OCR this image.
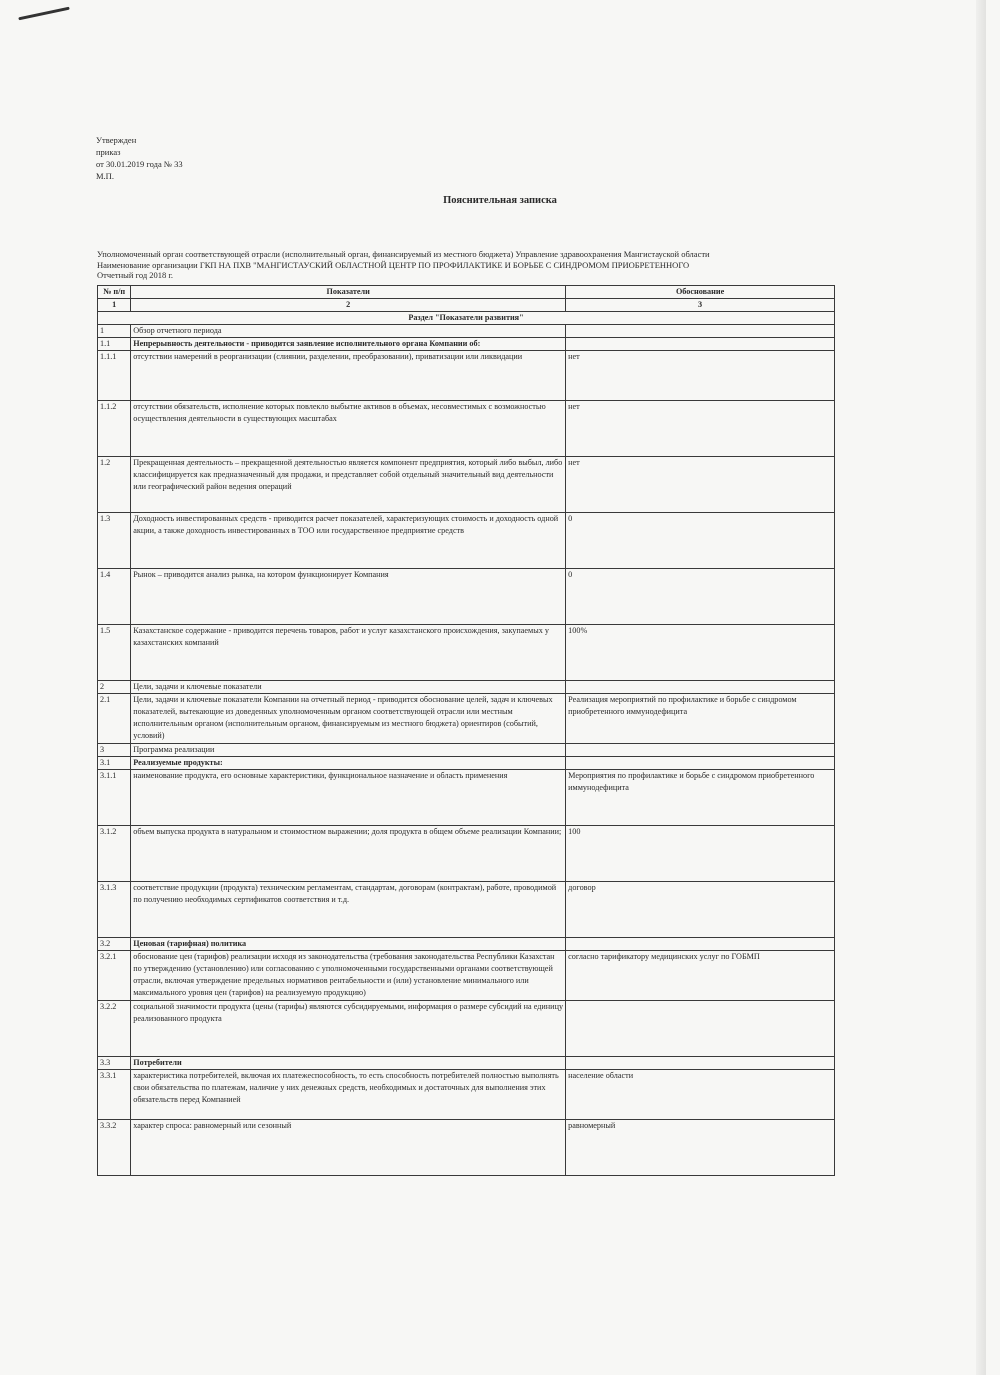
Утвержден
приказ
от 30.01.2019 года № 33
М.П.
Пояснительная записка
Уполномоченный орган соответствующей отрасли (исполнительный орган, финансируемый из местного бюджета) Управление здравоохранения Мангистауской области
Наименование организации ГКП НА ПХВ "МАНГИСТАУСКИЙ ОБЛАСТНОЙ ЦЕНТР ПО ПРОФИЛАКТИКЕ И БОРЬБЕ С СИНДРОМОМ ПРИОБРЕТЕННОГО
Отчетный год 2018 г.
№ п/п	Показатели	Обоснование
1	2	3
Раздел "Показатели развития"		
1	Обзор отчетного периода	
1.1	Непрерывность деятельности - приводится заявление исполнительного органа Компании об:	
1.1.1	отсутствии намерений в реорганизации (слиянии, разделении, преобразовании), приватизации или ликвидации	нет
1.1.2	отсутствии обязательств, исполнение которых повлекло выбытие активов в объемах, несовместимых с возможностью осуществления деятельности в существующих масштабах	нет
1.2	Прекращенная деятельность – прекращенной деятельностью является компонент предприятия, который либо выбыл, либо классифицируется как предназначенный для продажи, и представляет собой отдельный значительный вид деятельности или географический район ведения операций	нет
1.3	Доходность инвестированных средств - приводится расчет показателей, характеризующих стоимость и доходность одной акции, а также доходность инвестированных в ТОО или государственное предприятие средств	0
1.4	Рынок – приводится анализ рынка, на котором функционирует Компания	0
1.5	Казахстанское содержание - приводится перечень товаров, работ и услуг казахстанского происхождения, закупаемых у казахстанских компаний	100%
2	Цели, задачи и ключевые показатели	
2.1	Цели, задачи и ключевые показатели Компании на отчетный период - приводится обоснование целей, задач и ключевых показателей, вытекающие из доведенных уполномоченным органом соответствующей отрасли или местным исполнительным органом (исполнительным органом, финансируемым из местного бюджета) ориентиров (событий, условий)	Реализация мероприятий по профилактике и борьбе с синдромом приобретенного иммунодефицита
3	Программа реализации	
3.1	Реализуемые продукты:	
3.1.1	наименование продукта, его основные характеристики, функциональное назначение и область применения	Мероприятия по профилактике и борьбе с синдромом приобретенного иммунодефицита
3.1.2	объем выпуска продукта в натуральном и стоимостном выражении; доля продукта в общем объеме реализации Компании;	100
3.1.3	соответствие продукции (продукта) техническим регламентам, стандартам, договорам (контрактам), работе, проводимой по получению необходимых сертификатов соответствия и т.д.	договор
3.2	Ценовая (тарифная) политика	
3.2.1	обоснование цен (тарифов) реализации исходя из законодательства (требования законодательства Республики Казахстан по утверждению (установлению) или согласованию с уполномоченными государственными органами соответствующей отрасли, включая утверждение предельных нормативов рентабельности и (или) установление минимального или максимального уровня цен (тарифов) на реализуемую продукцию)	согласно тарификатору медицинских услуг по ГОБМП
3.2.2	социальной значимости продукта (цены (тарифы) являются субсидируемыми, информация о размере субсидий на единицу реализованного продукта	
3.3	Потребители	
3.3.1	характеристика потребителей, включая их платежеспособность, то есть способность потребителей полностью выполнять свои обязательства по платежам, наличие у них денежных средств, необходимых и достаточных для выполнения этих обязательств перед Компанией	население области
3.3.2	характер спроса: равномерный или сезонный	равномерный
